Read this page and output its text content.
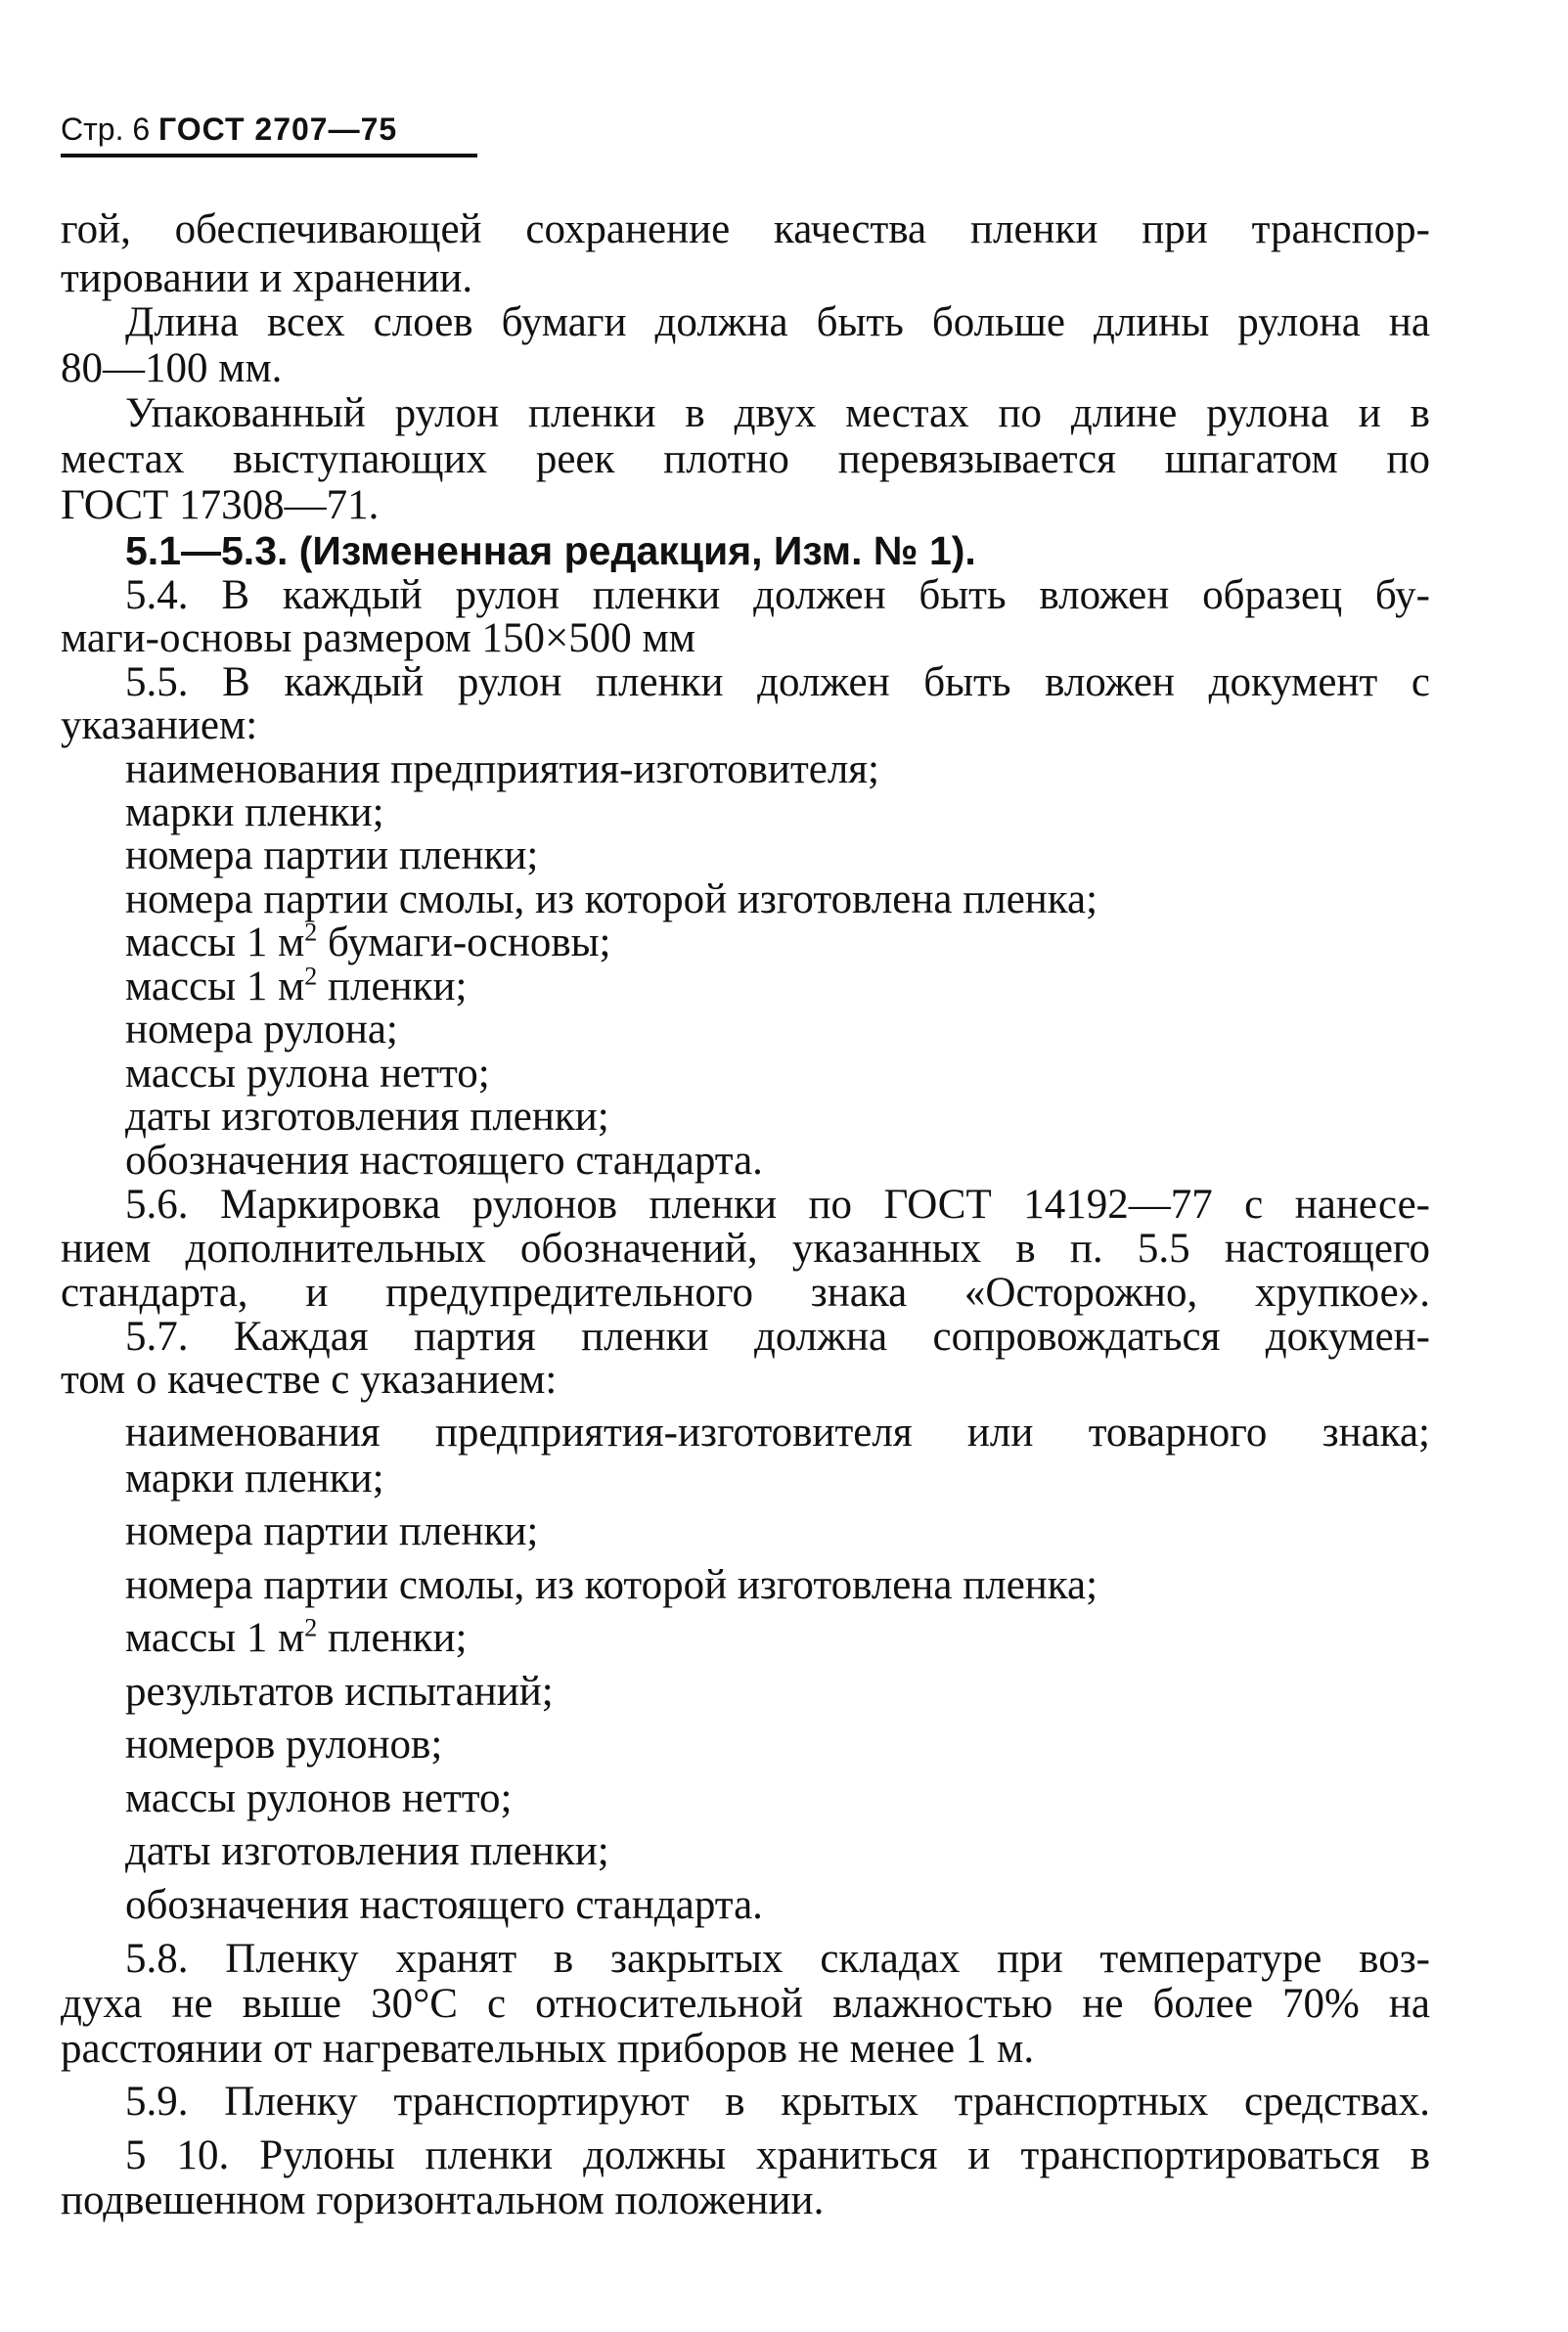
Стр. 6 ГОСТ 2707—75
гой, обеспечивающей сохранение качества пленки при транспор-
тировании и хранении.
Длина всех слоев бумаги должна быть больше длины рулона на
80—100 мм.
Упакованный рулон пленки в двух местах по длине рулона и в
местах выступающих реек плотно перевязывается шпагатом по
ГОСТ 17308—71.
5.1—5.3. (Измененная редакция, Изм. № 1).
5.4. В каждый рулон пленки должен быть вложен образец бу-
маги-основы размером 150×500 мм
5.5. В каждый рулон пленки должен быть вложен документ с
указанием:
наименования предприятия-изготовителя;
марки пленки;
номера партии пленки;
номера партии смолы, из которой изготовлена пленка;
массы 1 $м^2$ бумаги-основы;
массы 1 $м^2$ пленки;
номера рулона;
массы рулона нетто;
даты изготовления пленки;
обозначения настоящего стандарта.
5.6. Маркировка рулонов пленки по ГОСТ 14192—77 с нанесе-
нием дополнительных обозначений, указанных в п. 5.5 настоящего
стандарта, и предупредительного знака «Осторожно, хрупкое».
5.7. Каждая партия пленки должна сопровождаться докумен-
том о качестве с указанием:
наименования предприятия-изготовителя или товарного знака;
марки пленки;
номера партии пленки;
номера партии смолы, из которой изготовлена пленка;
массы 1 $м^2$ пленки;
результатов испытаний;
номеров рулонов;
массы рулонов нетто;
даты изготовления пленки;
обозначения настоящего стандарта.
5.8. Пленку хранят в закрытых складах при температуре воз-
духа не выше 30°С с относительной влажностью не более 70% на
расстоянии от нагревательных приборов не менее 1 м.
5.9. Пленку транспортируют в крытых транспортных средствах.
5 10. Рулоны пленки должны храниться и транспортироваться в
подвешенном горизонтальном положении.
